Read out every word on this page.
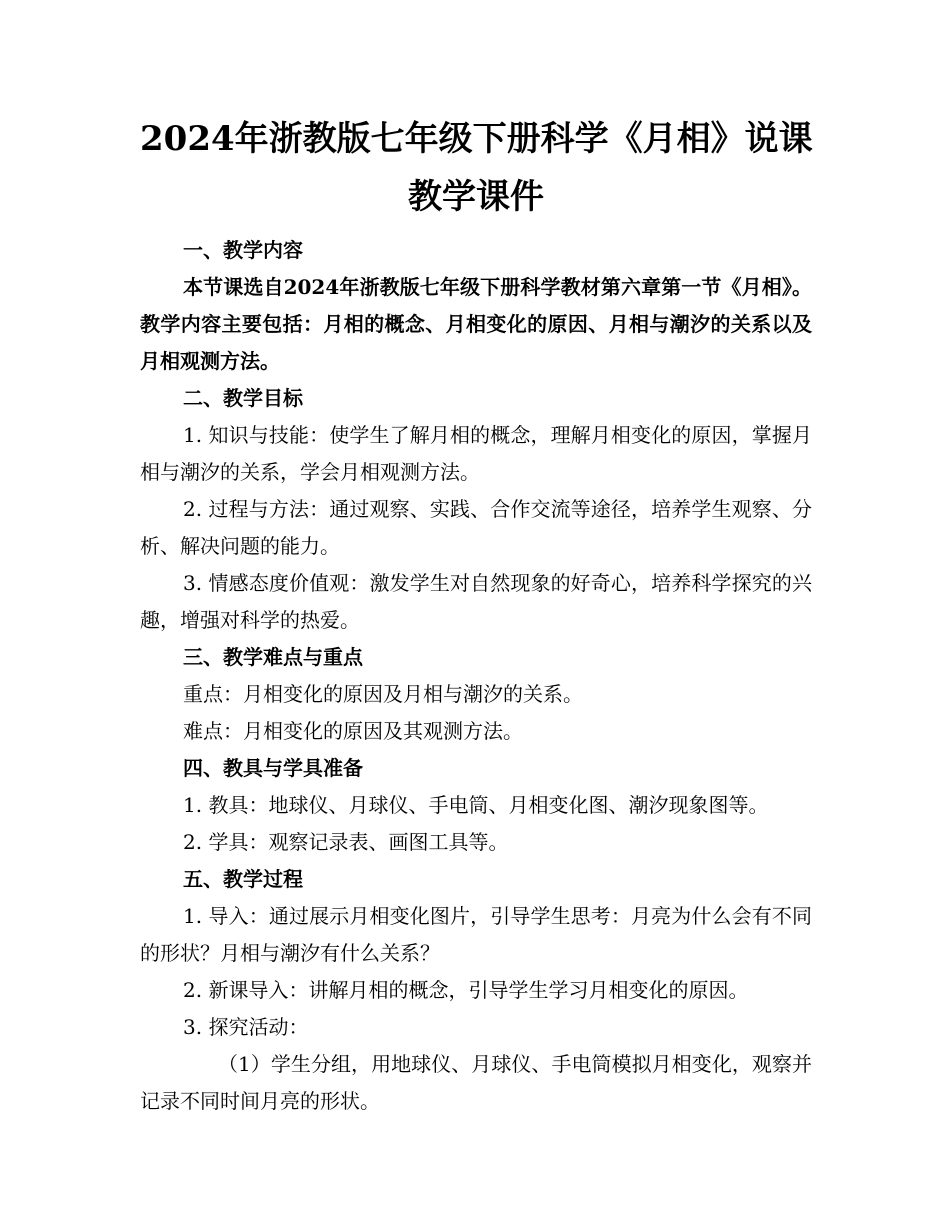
2024年浙教版七年级下册科学《月相》说课
教学课件

一、教学内容

本节课选自2024年浙教版七年级下册科学教材第六章第一节《月相》。教学内容主要包括：月相的概念、月相变化的原因、月相与潮汐的关系以及月相观测方法。

二、教学目标

1. 知识与技能：使学生了解月相的概念，理解月相变化的原因，掌握月相与潮汐的关系，学会月相观测方法。

2. 过程与方法：通过观察、实践、合作交流等途径，培养学生观察、分析、解决问题的能力。

3. 情感态度价值观：激发学生对自然现象的好奇心，培养科学探究的兴趣，增强对科学的热爱。

三、教学难点与重点

重点：月相变化的原因及月相与潮汐的关系。

难点：月相变化的原因及其观测方法。

四、教具与学具准备

1. 教具：地球仪、月球仪、手电筒、月相变化图、潮汐现象图等。

2. 学具：观察记录表、画图工具等。

五、教学过程

1. 导入：通过展示月相变化图片，引导学生思考：月亮为什么会有不同的形状？月相与潮汐有什么关系？

2. 新课导入：讲解月相的概念，引导学生学习月相变化的原因。

3. 探究活动：

（1）学生分组，用地球仪、月球仪、手电筒模拟月相变化，观察并记录不同时间月亮的形状。
